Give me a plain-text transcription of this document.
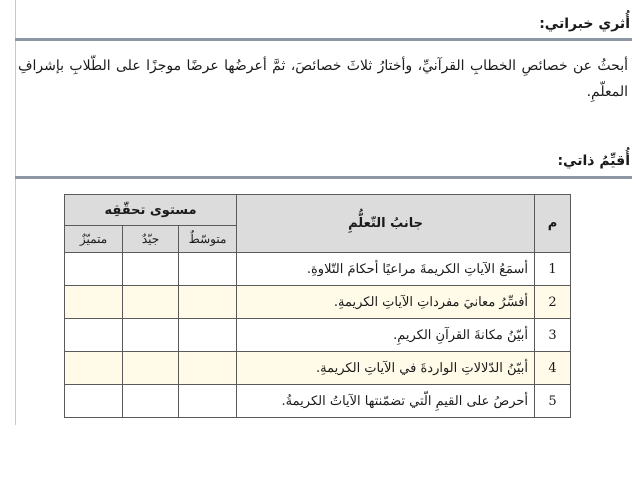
أُثري خبراتي:
أبحثُ عن خصائصِ الخطابِ القرآنيِّ، وأختارُ ثلاثَ خصائصَ، ثمَّ أعرضُها عرضًا موجزًا على الطّلابِ بإشرافِ المعلّمِ.
أُقيِّمُ ذاتي:
م	جانبُ التّعلُّمِ	مستوى تحقّقِه		
		متوسّطٌ	جيّدٌ	متميّزٌ
1	أسمَعُ الآياتِ الكريمةَ مراعيًا أحكامَ التّلاوةِ.			
2	أفسِّرُ معانيَ مفرداتِ الآياتِ الكريمةِ.			
3	أبيّنُ مكانةَ القرآنِ الكريمِ.			
4	أبيّنُ الدّلالاتِ الواردةَ في الآياتِ الكريمةِ.			
5	أحرصُ على القيمِ الّتي تضمّنتها الآياتُ الكريمةُ.			
